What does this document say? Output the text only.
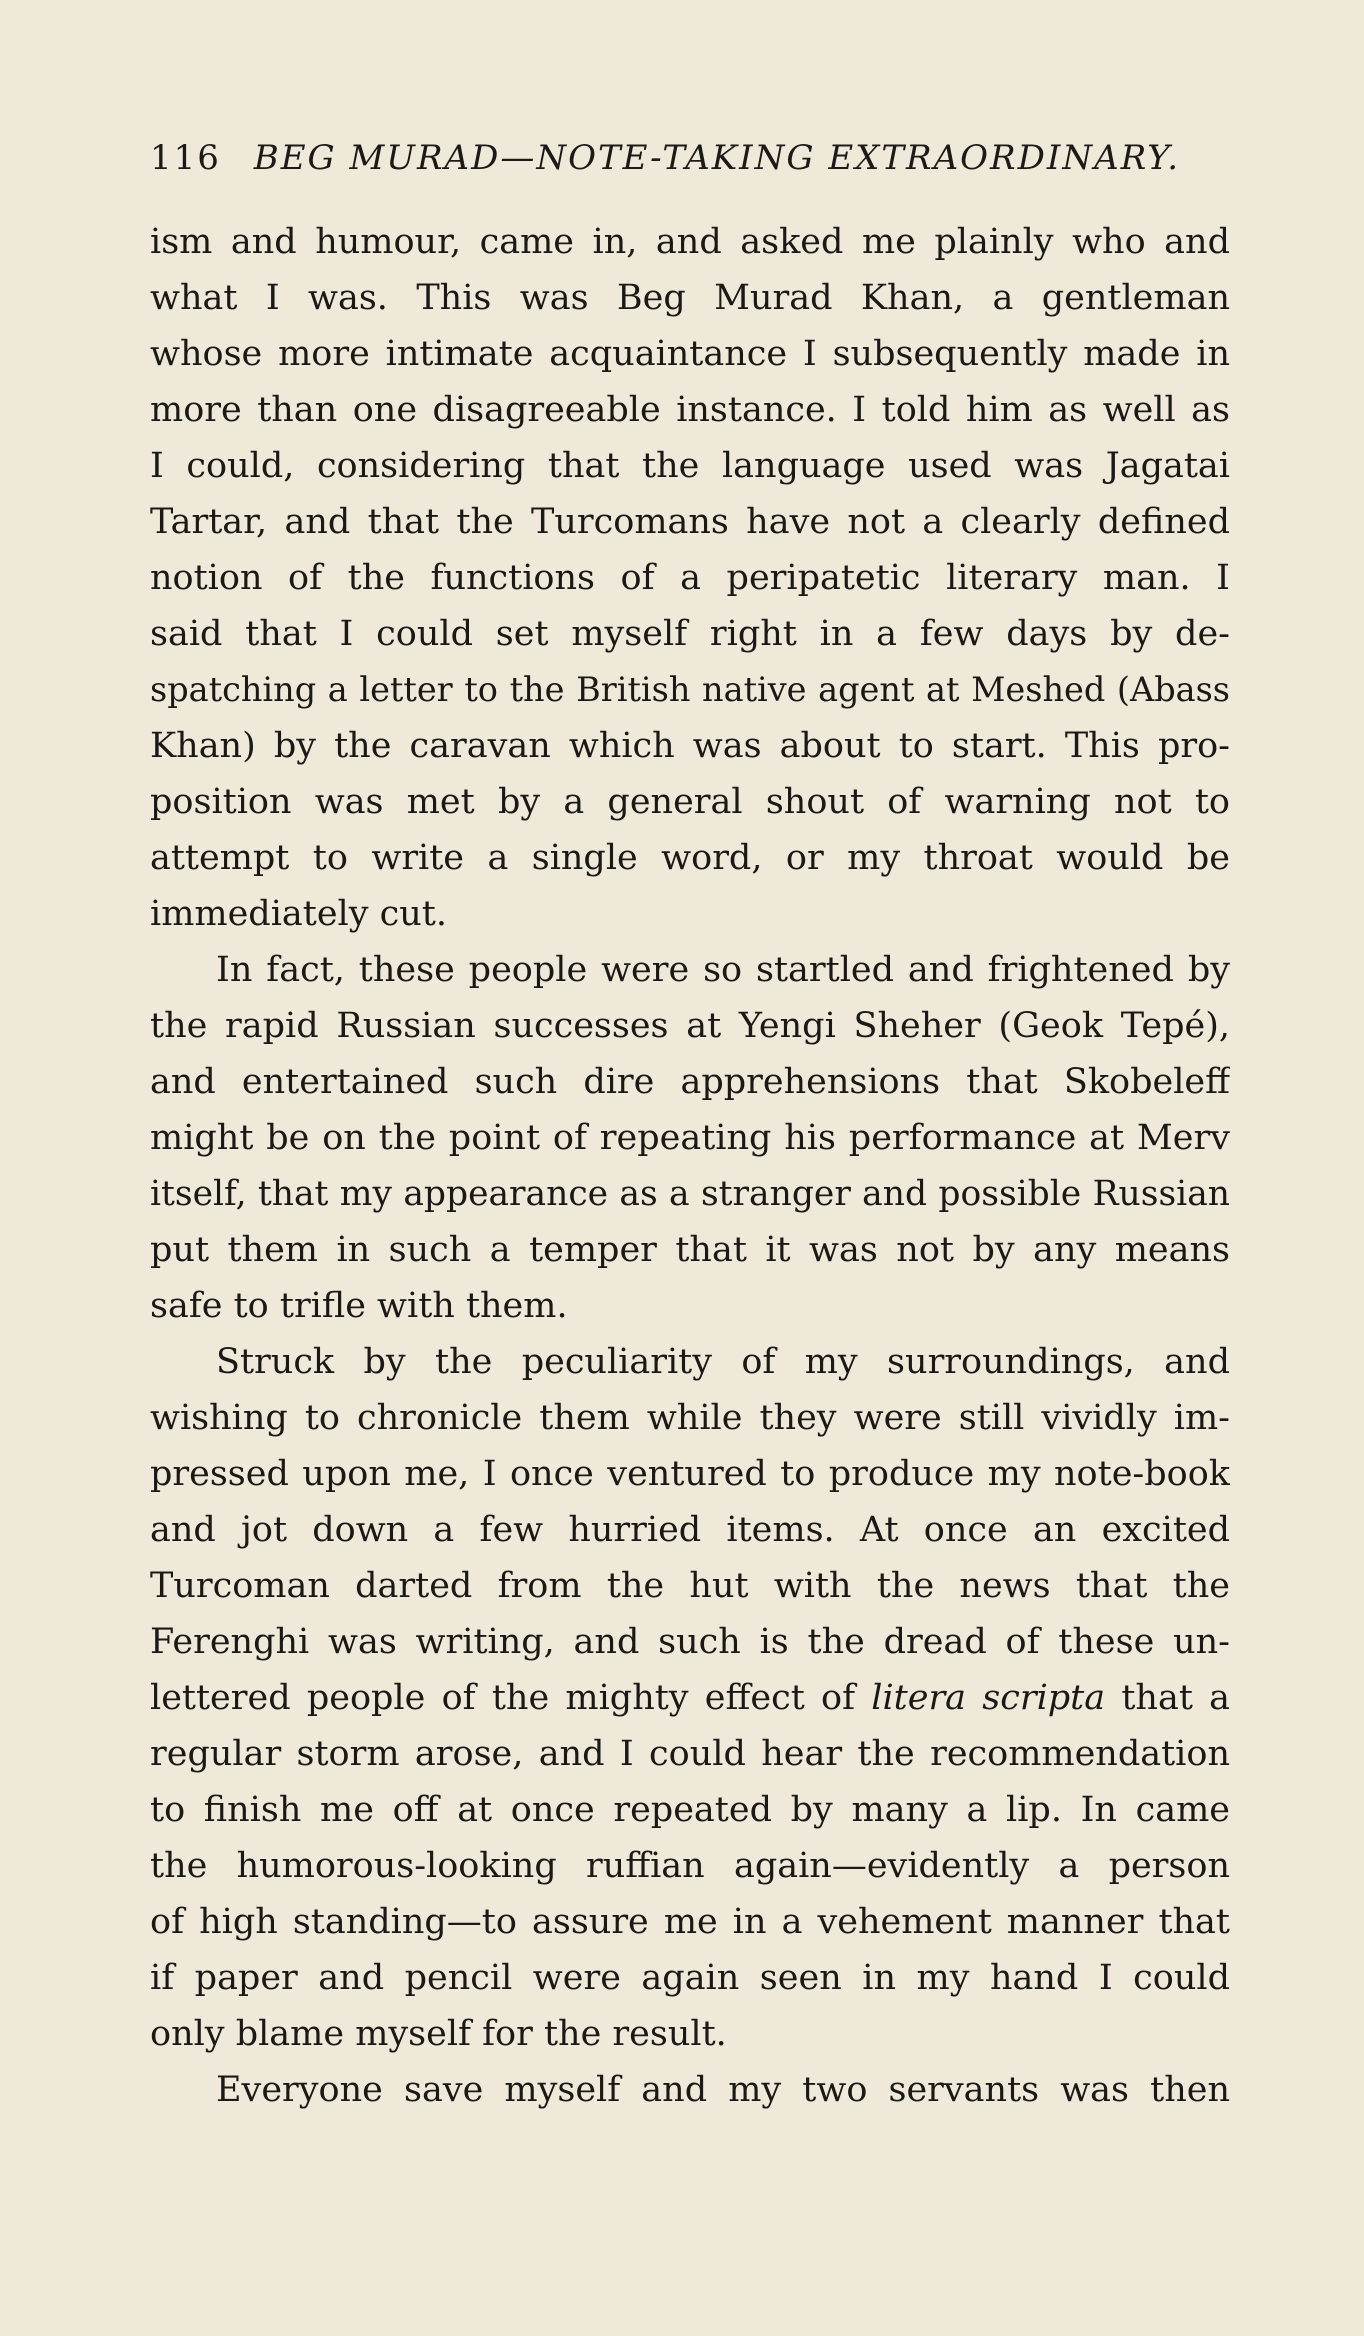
116 BEG MURAD—NOTE-TAKING EXTRAORDINARY.
ism and humour, came in, and asked me plainly who and
what I was. This was Beg Murad Khan, a gentleman
whose more intimate acquaintance I subsequently made in
more than one disagreeable instance. I told him as well as
I could, considering that the language used was Jagatai
Tartar, and that the Turcomans have not a clearly defined
notion of the functions of a peripatetic literary man. I
said that I could set myself right in a few days by de-
spatching a letter to the British native agent at Meshed (Abass
Khan) by the caravan which was about to start. This pro-
position was met by a general shout of warning not to
attempt to write a single word, or my throat would be
immediately cut.
In fact, these people were so startled and frightened by
the rapid Russian successes at Yengi Sheher (Geok Tepé),
and entertained such dire apprehensions that Skobeleff
might be on the point of repeating his performance at Merv
itself, that my appearance as a stranger and possible Russian
put them in such a temper that it was not by any means
safe to trifle with them.
Struck by the peculiarity of my surroundings, and
wishing to chronicle them while they were still vividly im-
pressed upon me, I once ventured to produce my note-book
and jot down a few hurried items. At once an excited
Turcoman darted from the hut with the news that the
Ferenghi was writing, and such is the dread of these un-
lettered people of the mighty effect of litera scripta that a
regular storm arose, and I could hear the recommendation
to finish me off at once repeated by many a lip. In came
the humorous-looking ruffian again—evidently a person
of high standing—to assure me in a vehement manner that
if paper and pencil were again seen in my hand I could
only blame myself for the result.
Everyone save myself and my two servants was then
